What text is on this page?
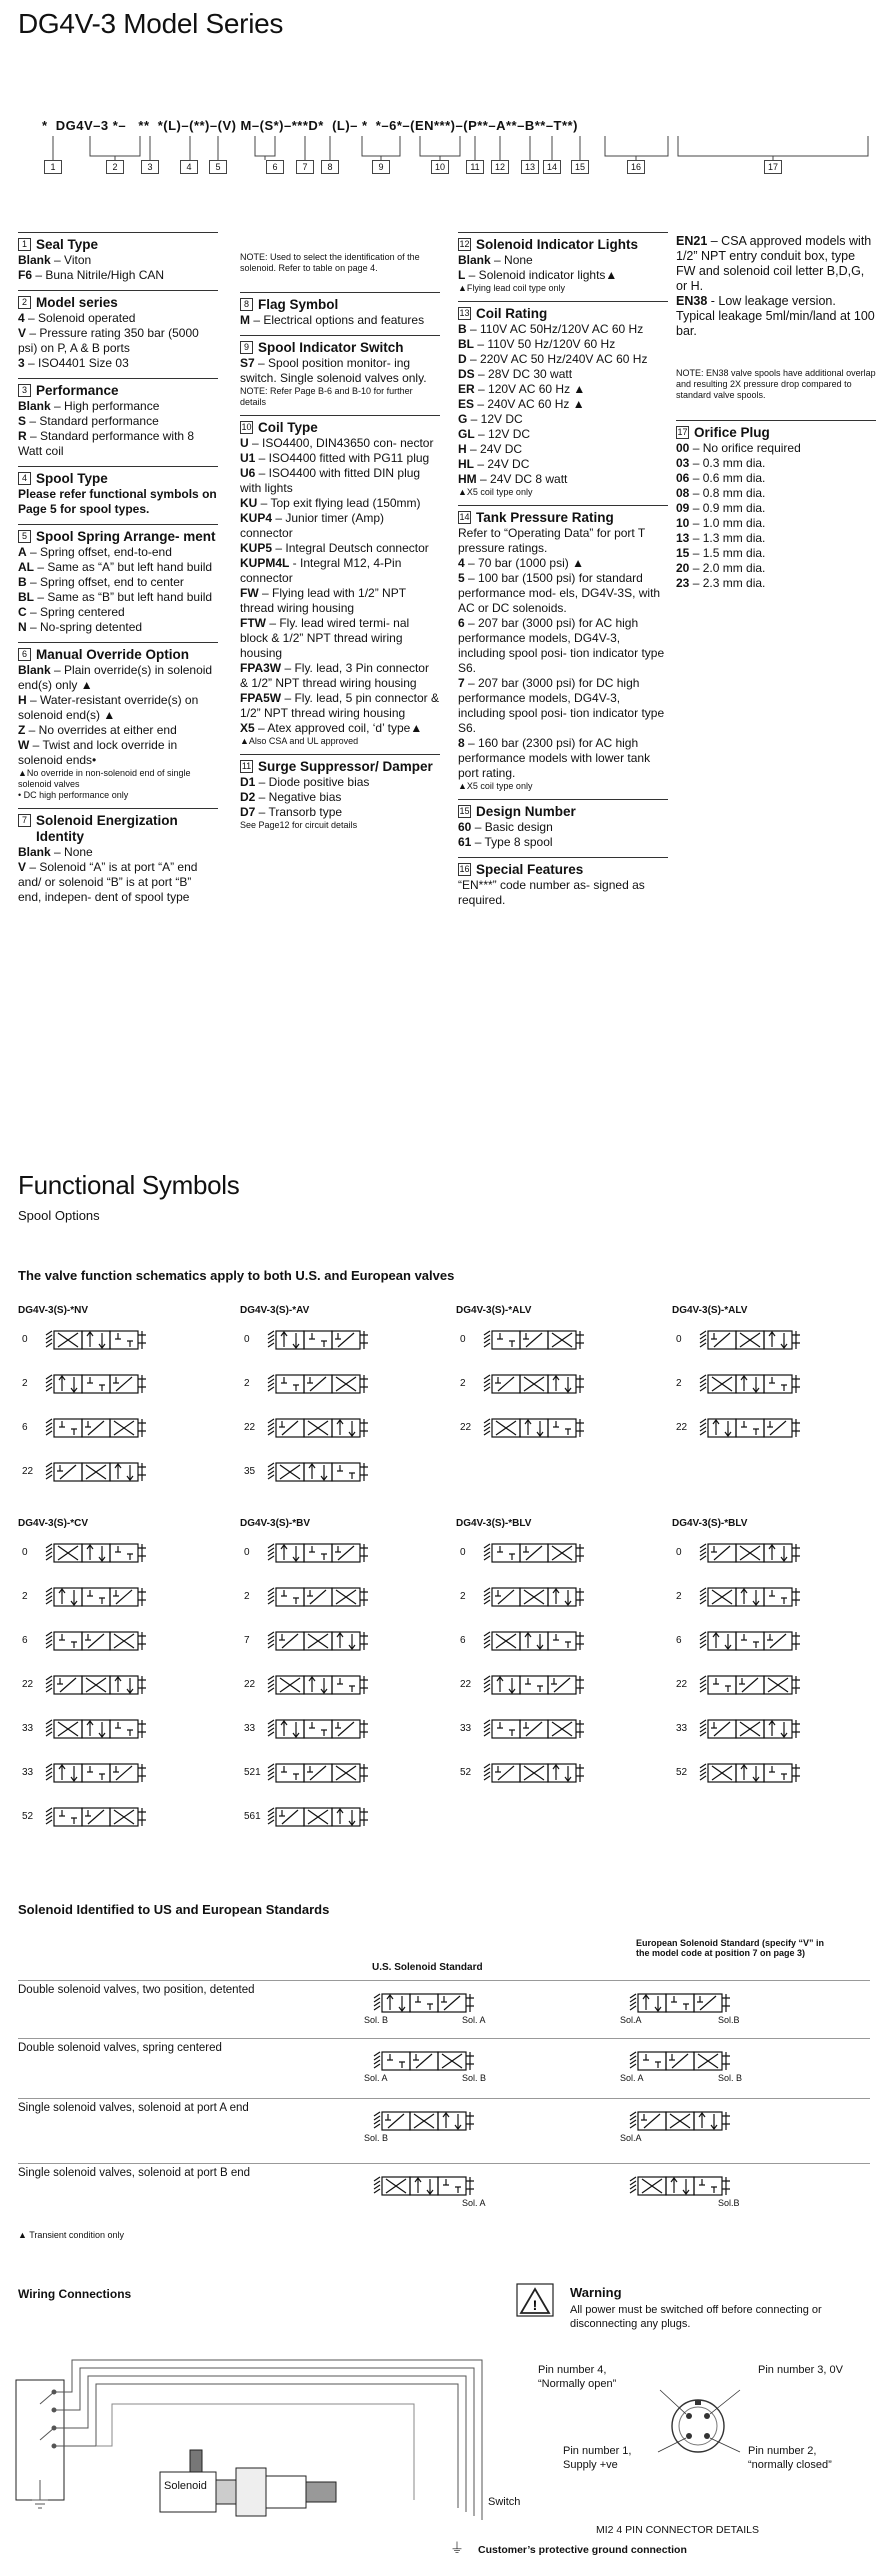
DG4V-3 Model Series
*  DG4V–3 *–   **  *(L)–(**)–(V) M–(S*)–***D*  (L)– *  *–6*–(EN***)–(P**–A**–B**–T**)
1	2	3	4	5	6	7	8	9	10	11	12	13	14	15	16	17
1 Seal Type
Blank – Viton
F6 – Buna Nitrile/High CAN
2 Model series
4 – Solenoid operated
V – Pressure rating 350 bar (5000 psi) on P, A & B ports
3 – ISO4401 Size 03
3 Performance
Blank – High performance
S – Standard performance
R – Standard performance with 8 Watt coil
4 Spool Type
Please refer functional symbols on Page 5 for spool types.
5 Spool Spring Arrange- ment
A – Spring offset, end-to-end
AL – Same as “A” but left hand build
B – Spring offset, end to center
BL – Same as “B” but left hand build
C – Spring centered
N – No-spring detented
6 Manual Override Option
Blank – Plain override(s) in solenoid end(s) only ▲
H – Water-resistant override(s) on solenoid end(s) ▲
Z – No overrides at either end
W – Twist and lock override in solenoid ends•
▲No override in non-solenoid end of single solenoid valves
• DC high performance only
7 Solenoid Energization Identity
Blank – None
V – Solenoid “A” is at port “A” end and/ or solenoid “B” is at port “B” end, indepen- dent of spool type
NOTE: Used to select the identification of the solenoid. Refer to table on page 4.
8 Flag Symbol
M – Electrical options and features
9 Spool Indicator Switch
S7 – Spool position monitor- ing switch. Single solenoid valves only.
NOTE: Refer Page B-6 and B-10 for further details
10 Coil Type
U – ISO4400, DIN43650 con- nector
U1 – ISO4400 fitted with PG11 plug
U6 – ISO4400 with fitted DIN plug with lights
KU – Top exit flying lead (150mm)
KUP4 – Junior timer (Amp) connector
KUP5 – Integral Deutsch connector
KUPM4L - Integral M12, 4-Pin connector
FW – Flying lead with 1/2” NPT thread wiring housing
FTW – Fly. lead wired termi- nal block & 1/2” NPT thread wiring housing
FPA3W – Fly. lead, 3 Pin connector & 1/2” NPT thread wiring housing
FPA5W – Fly. lead, 5 pin connector & 1/2” NPT thread wiring housing
X5 – Atex approved coil, ‘d’ type▲
▲Also CSA and UL approved
11 Surge Suppressor/ Damper
D1 – Diode positive bias
D2 – Negative bias
D7 – Transorb type
See Page12 for circuit details
12 Solenoid Indicator Lights
Blank – None
L – Solenoid indicator lights▲
▲Flying lead coil type only
13 Coil Rating
B – 110V AC 50Hz/120V AC 60 Hz
BL – 110V 50 Hz/120V 60 Hz
D – 220V AC 50 Hz/240V AC 60 Hz
DS – 28V DC 30 watt
ER – 120V AC 60 Hz ▲
ES – 240V AC 60 Hz ▲
G – 12V DC
GL – 12V DC
H – 24V DC
HL – 24V DC
HM – 24V DC 8 watt
▲X5 coil type only
14 Tank Pressure Rating
Refer to “Operating Data” for port T pressure ratings.
4 – 70 bar (1000 psi) ▲
5 – 100 bar (1500 psi) for standard performance mod- els, DG4V-3S, with AC or DC solenoids.
6 – 207 bar (3000 psi) for AC high performance models, DG4V-3, including spool posi- tion indicator type S6.
7 – 207 bar (3000 psi) for DC high performance models, DG4V-3, including spool posi- tion indicator type S6.
8 – 160 bar (2300 psi) for AC high performance models with lower tank port rating.
▲X5 coil type only
15 Design Number
60 – Basic design
61 – Type 8 spool
16 Special Features
“EN***” code number as- signed as required.
EN21 – CSA approved models with 1/2” NPT entry conduit box, type FW and solenoid coil letter B,D,G, or H.
EN38 - Low leakage version. Typical leakage 5ml/min/land at 100 bar.
NOTE: EN38 valve spools have additional overlap and resulting 2X pressure drop compared to standard valve spools.
17 Orifice Plug
00 – No orifice required
03 – 0.3 mm dia.
06 – 0.6 mm dia.
08 – 0.8 mm dia.
09 – 0.9 mm dia.
10 – 1.0 mm dia.
13 – 1.3 mm dia.
15 – 1.5 mm dia.
20 – 2.0 mm dia.
23 – 2.3 mm dia.
Functional Symbols
Spool Options
The valve function schematics apply to both U.S. and European valves
DG4V-3(S)-*NV
0
2
6
22
DG4V-3(S)-*AV
0
2
22
35
DG4V-3(S)-*ALV
0
2
22
DG4V-3(S)-*ALV
0
2
22
DG4V-3(S)-*CV
0
2
6
22
33
33
52
DG4V-3(S)-*BV
0
2
7
22
33
521
561
DG4V-3(S)-*BLV
0
2
6
22
33
52
DG4V-3(S)-*BLV
0
2
6
22
33
52
Solenoid Identified to US and European Standards
U.S. Solenoid Standard
European Solenoid Standard (specify “V” in the model code at position 7 on page 3)
Double solenoid valves, two position, detented
Sol. B	Sol. A	Sol.A	Sol.B
Double solenoid valves, spring centered
Sol. A	Sol. B	Sol. A	Sol. B
Single solenoid valves, solenoid at port A end
Sol. B	Sol.A
Single solenoid valves, solenoid at port B end
Sol. A	Sol.B
▲ Transient condition only
Wiring Connections
!
Warning
All power must be switched off before connecting or disconnecting any plugs.
Solenoid
Switch
Pin number 4, “Normally open”
Pin number 3, 0V
Pin number 1, Supply +ve
Pin number 2, “normally closed”
MI2 4 PIN CONNECTOR DETAILS
⏚ Customer’s protective ground connection
